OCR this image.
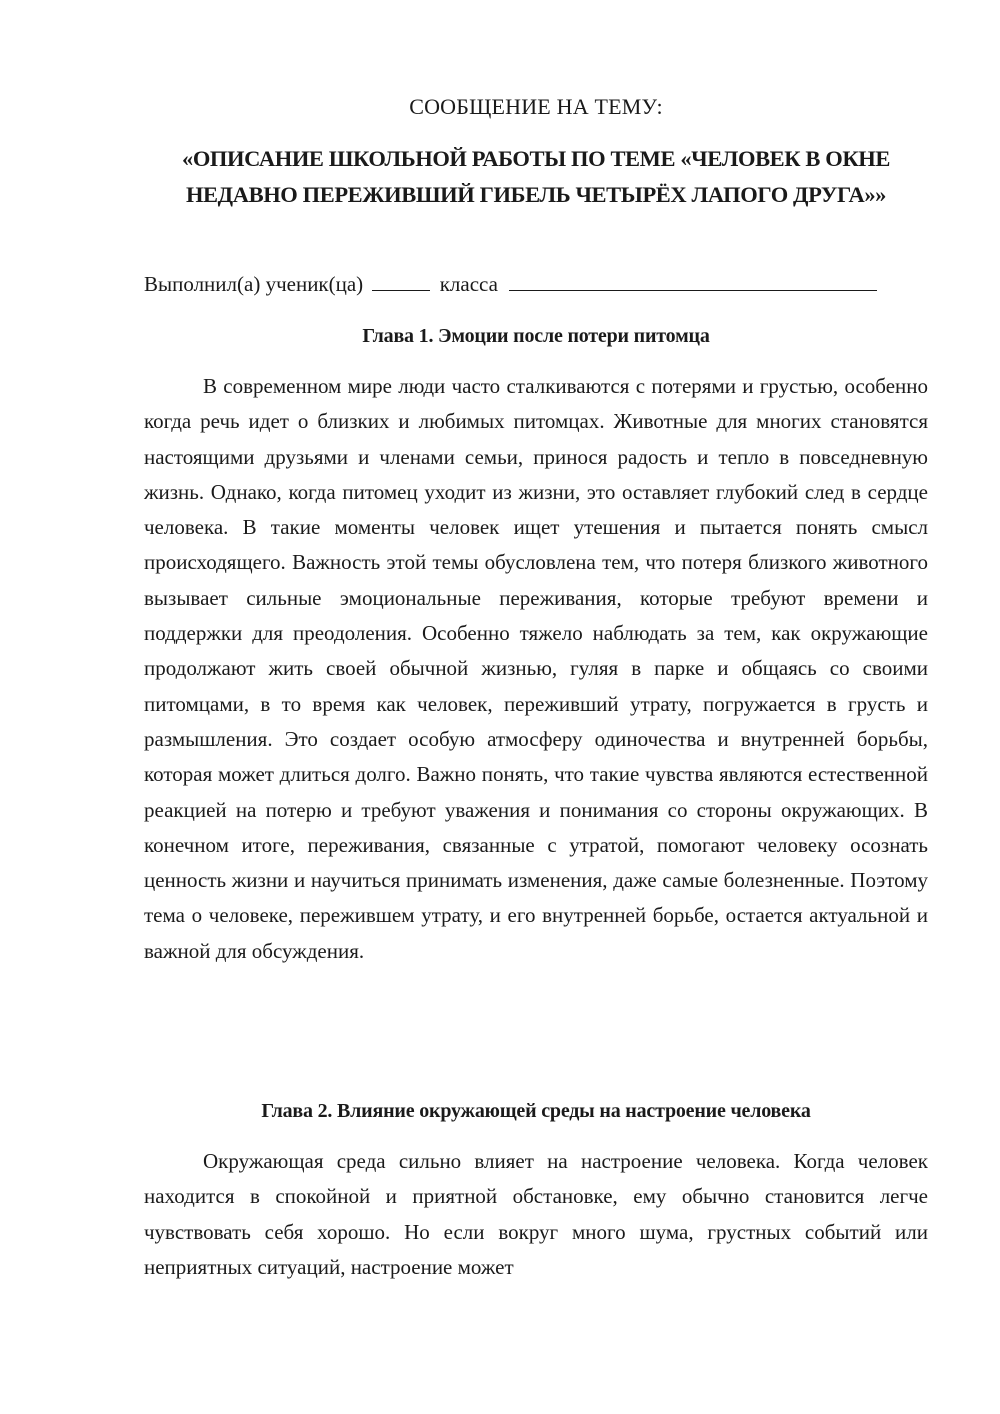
СООБЩЕНИЕ НА ТЕМУ:
«ОПИСАНИЕ ШКОЛЬНОЙ РАБОТЫ ПО ТЕМЕ «ЧЕЛОВЕК В ОКНЕ НЕДАВНО ПЕРЕЖИВШИЙ ГИБЕЛЬ ЧЕТЫРЁХ ЛАПОГО ДРУГА»»
Выполнил(а) ученик(ца)	класса
Глава 1. Эмоции после потери питомца

В современном мире люди часто сталкиваются с потерями и грустью, особенно когда речь идет о близких и любимых питомцах. Животные для многих становятся настоящими друзьями и членами семьи, принося радость и тепло в повседневную жизнь. Однако, когда питомец уходит из жизни, это оставляет глубокий след в сердце человека. В такие моменты человек ищет утешения и пытается понять смысл происходящего. Важность этой темы обусловлена тем, что потеря близкого животного вызывает сильные эмоциональные переживания, которые требуют времени и поддержки для преодоления. Особенно тяжело наблюдать за тем, как окружающие продолжают жить своей обычной жизнью, гуляя в парке и общаясь со своими питомцами, в то время как человек, переживший утрату, погружается в грусть и размышления. Это создает особую атмосферу одиночества и внутренней борьбы, которая может длиться долго. Важно понять, что такие чувства являются естественной реакцией на потерю и требуют уважения и понимания со стороны окружающих. В конечном итоге, переживания, связанные с утратой, помогают человеку осознать ценность жизни и научиться принимать изменения, даже самые болезненные. Поэтому тема о человеке, пережившем утрату, и его внутренней борьбе, остается актуальной и важной для обсуждения.

Глава 2. Влияние окружающей среды на настроение человека

Окружающая среда сильно влияет на настроение человека. Когда человек находится в спокойной и приятной обстановке, ему обычно становится легче чувствовать себя хорошо. Но если вокруг много шума, грустных событий или неприятных ситуаций, настроение может
